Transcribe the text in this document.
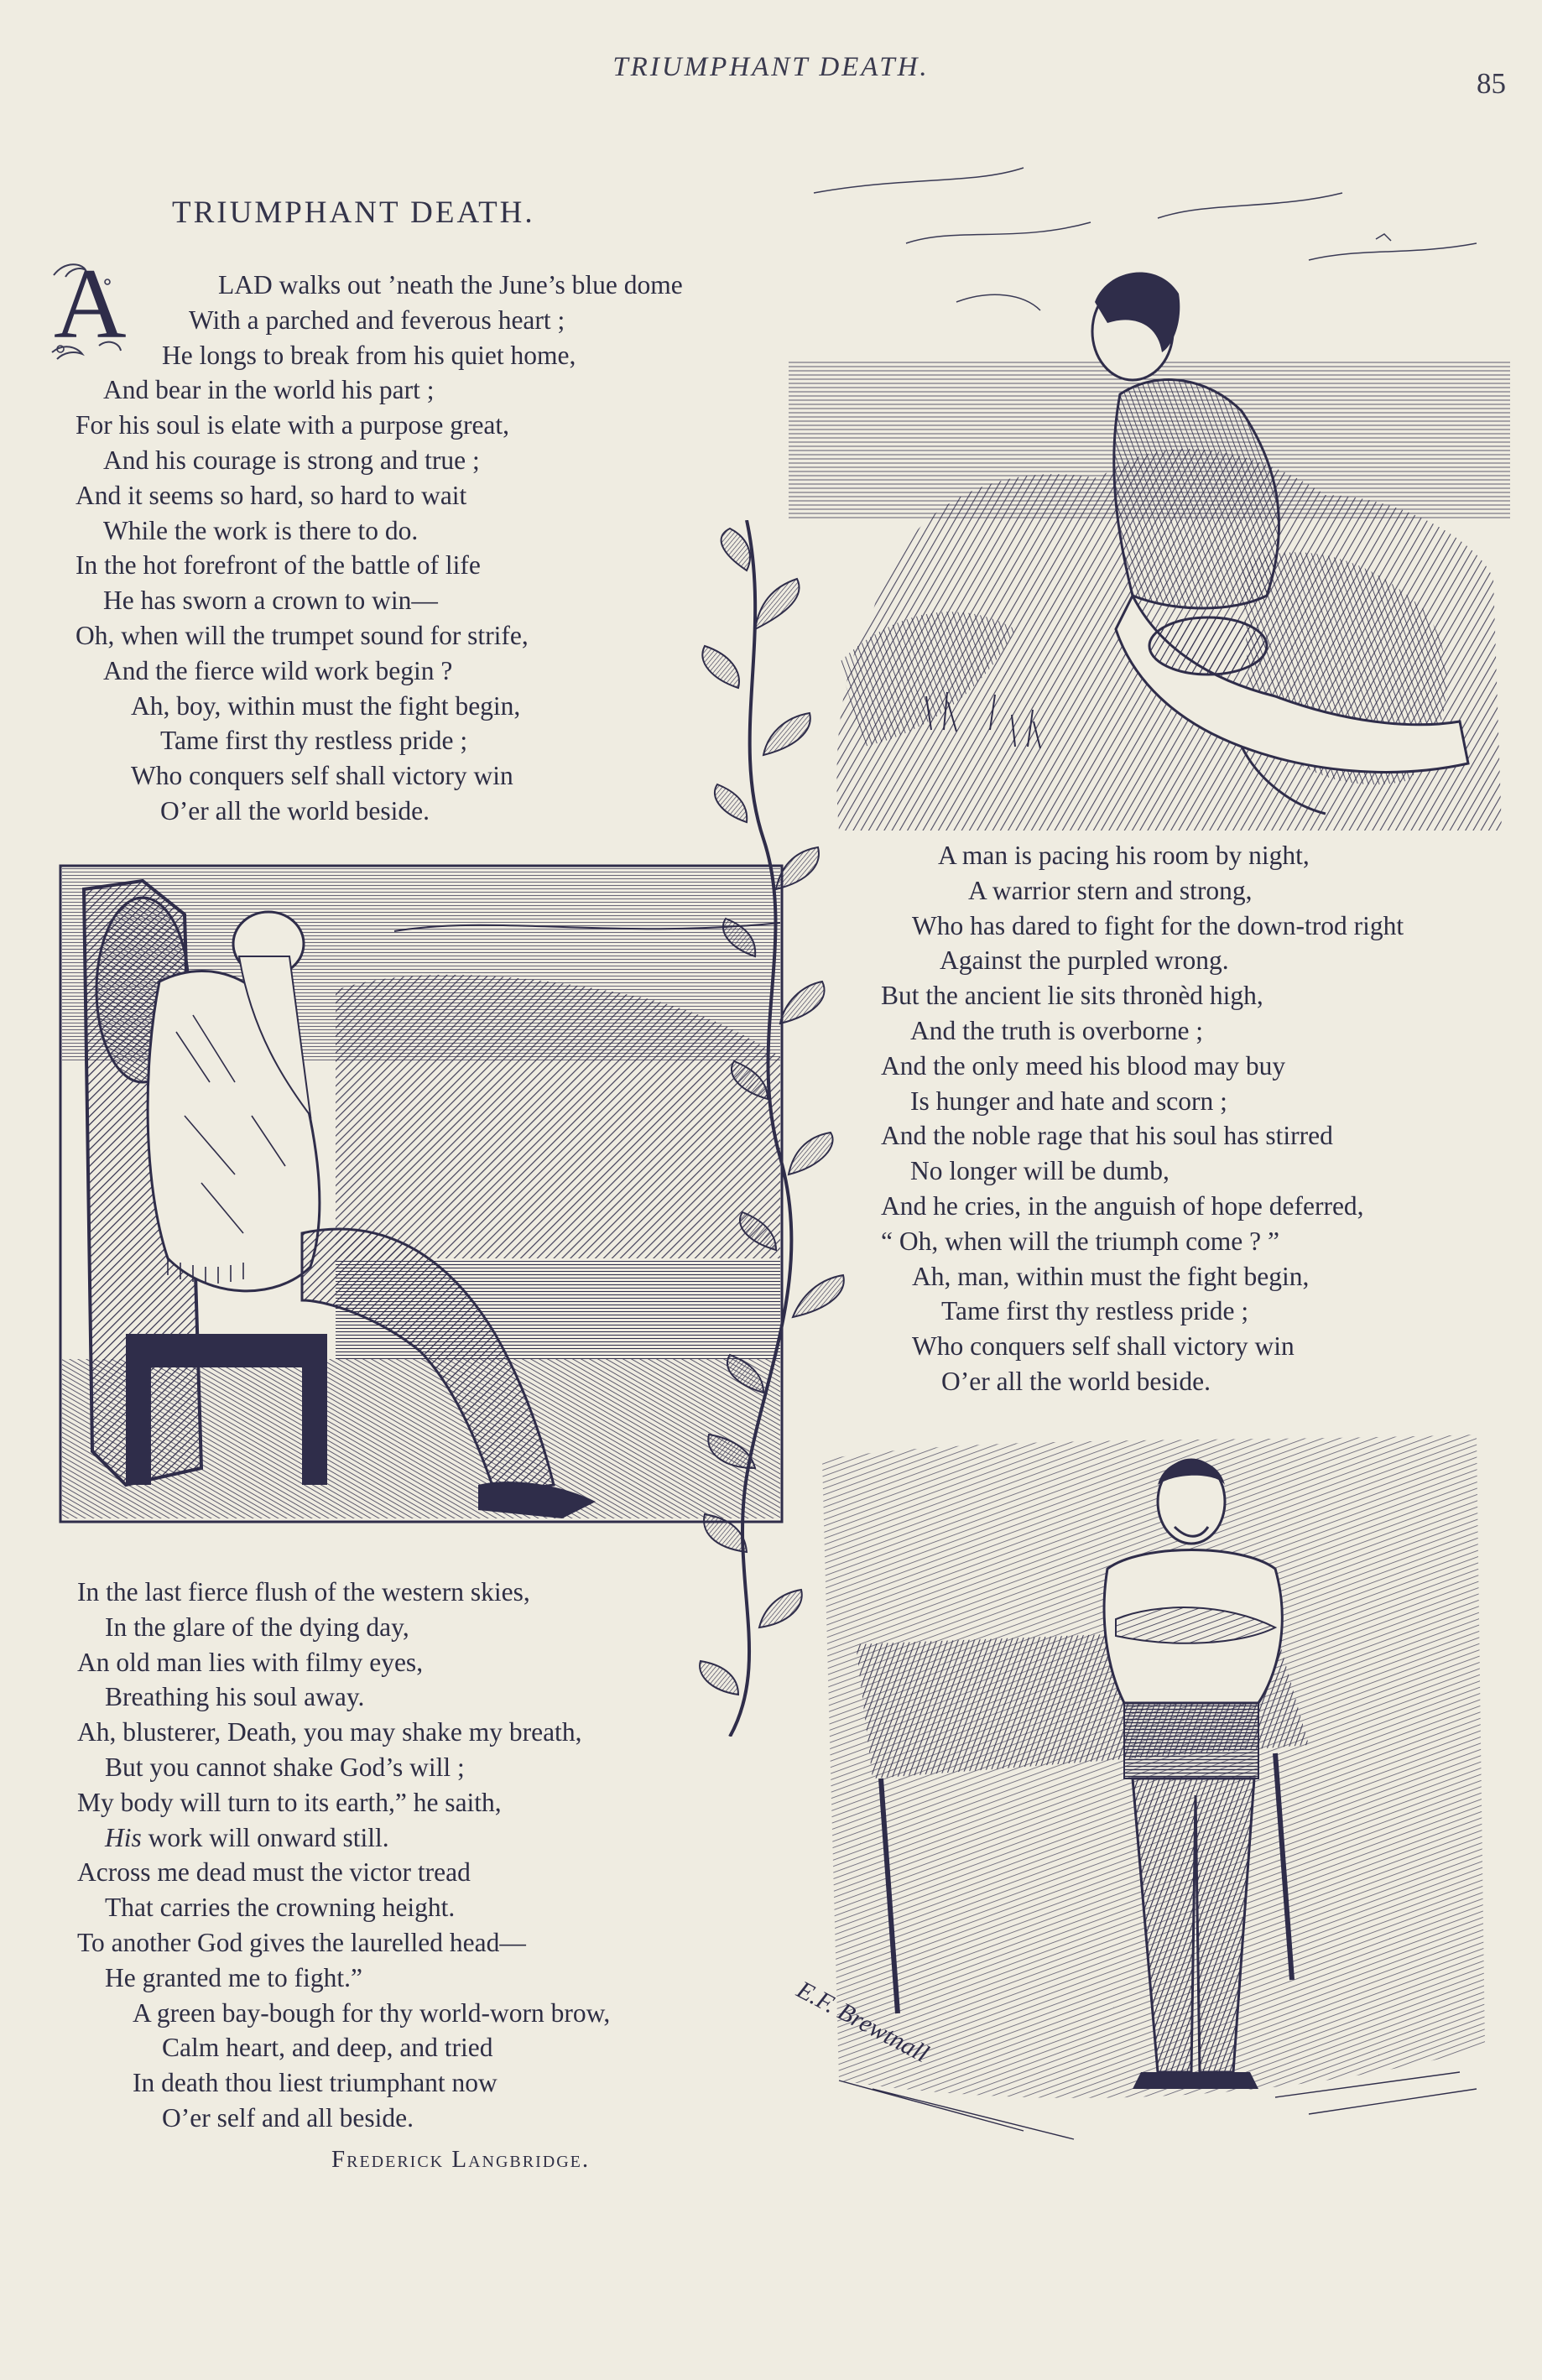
TRIUMPHANT DEATH.	85
TRIUMPHANT DEATH.
A	LAD walks out ’neath the June’s blue dome
With a parched and feverous heart ;
He longs to break from his quiet home,
And bear in the world his part ;
For his soul is elate with a purpose great,
And his courage is strong and true ;
And it seems so hard, so hard to wait
While the work is there to do.
In the hot forefront of the battle of life
He has sworn a crown to win—
Oh, when will the trumpet sound for strife,
And the fierce wild work begin ?
Ah, boy, within must the fight begin,
Tame first thy restless pride ;
Who conquers self shall victory win
O’er all the world beside.
A man is pacing his room by night,
A warrior stern and strong,
Who has dared to fight for the down-trod right
Against the purpled wrong.
But the ancient lie sits thronèd high,
And the truth is overborne ;
And the only meed his blood may buy
Is hunger and hate and scorn ;
And the noble rage that his soul has stirred
No longer will be dumb,
And he cries, in the anguish of hope deferred,
“ Oh, when will the triumph come ? ”
Ah, man, within must the fight begin,
Tame first thy restless pride ;
Who conquers self shall victory win
O’er all the world beside.
In the last fierce flush of the western skies,
In the glare of the dying day,
An old man lies with filmy eyes,
Breathing his soul away.
Ah, blusterer, Death, you may shake my breath,
But you cannot shake God’s will ;
My body will turn to its earth,” he saith,
His work will onward still.
Across me dead must the victor tread
That carries the crowning height.
To another God gives the laurelled head—
He granted me to fight.”
A green bay-bough for thy world-worn brow,
Calm heart, and deep, and tried
In death thou liest triumphant now
O’er self and all beside.
Frederick Langbridge.
E.F. Brewtnall
